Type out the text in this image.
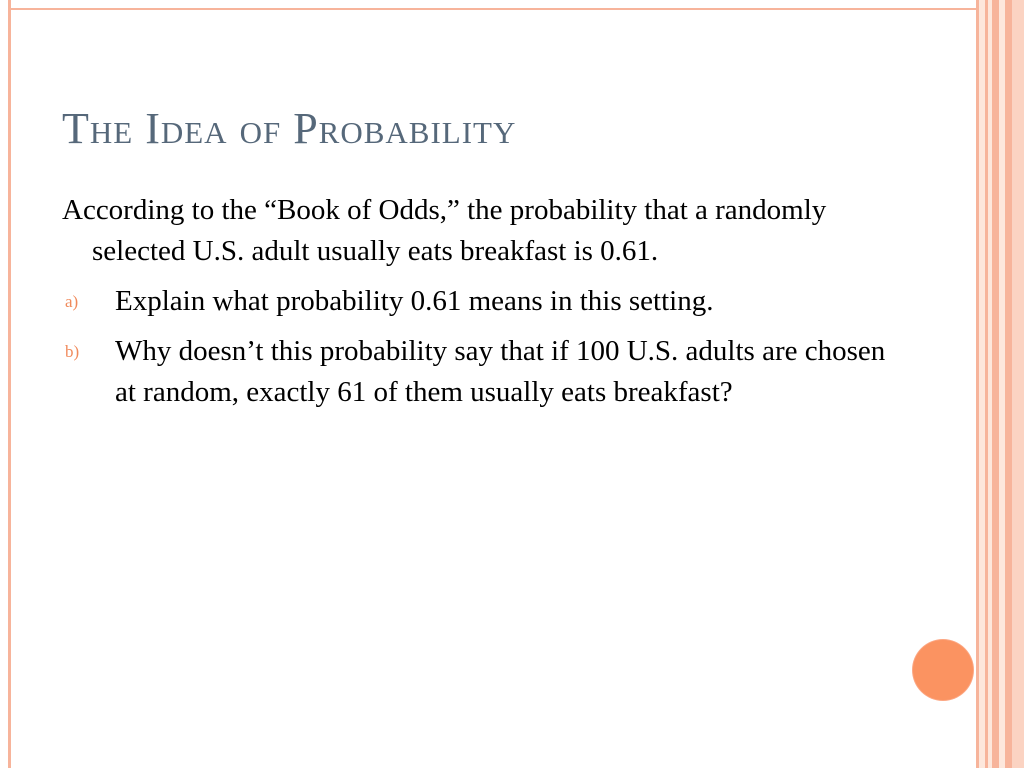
The Idea of Probability

According to the “Book of Odds,” the probability that a randomly selected U.S. adult usually eats breakfast is 0.61.

a) Explain what probability 0.61 means in this setting.
b) Why doesn’t this probability say that if 100 U.S. adults are chosen at random, exactly 61 of them usually eats breakfast?
